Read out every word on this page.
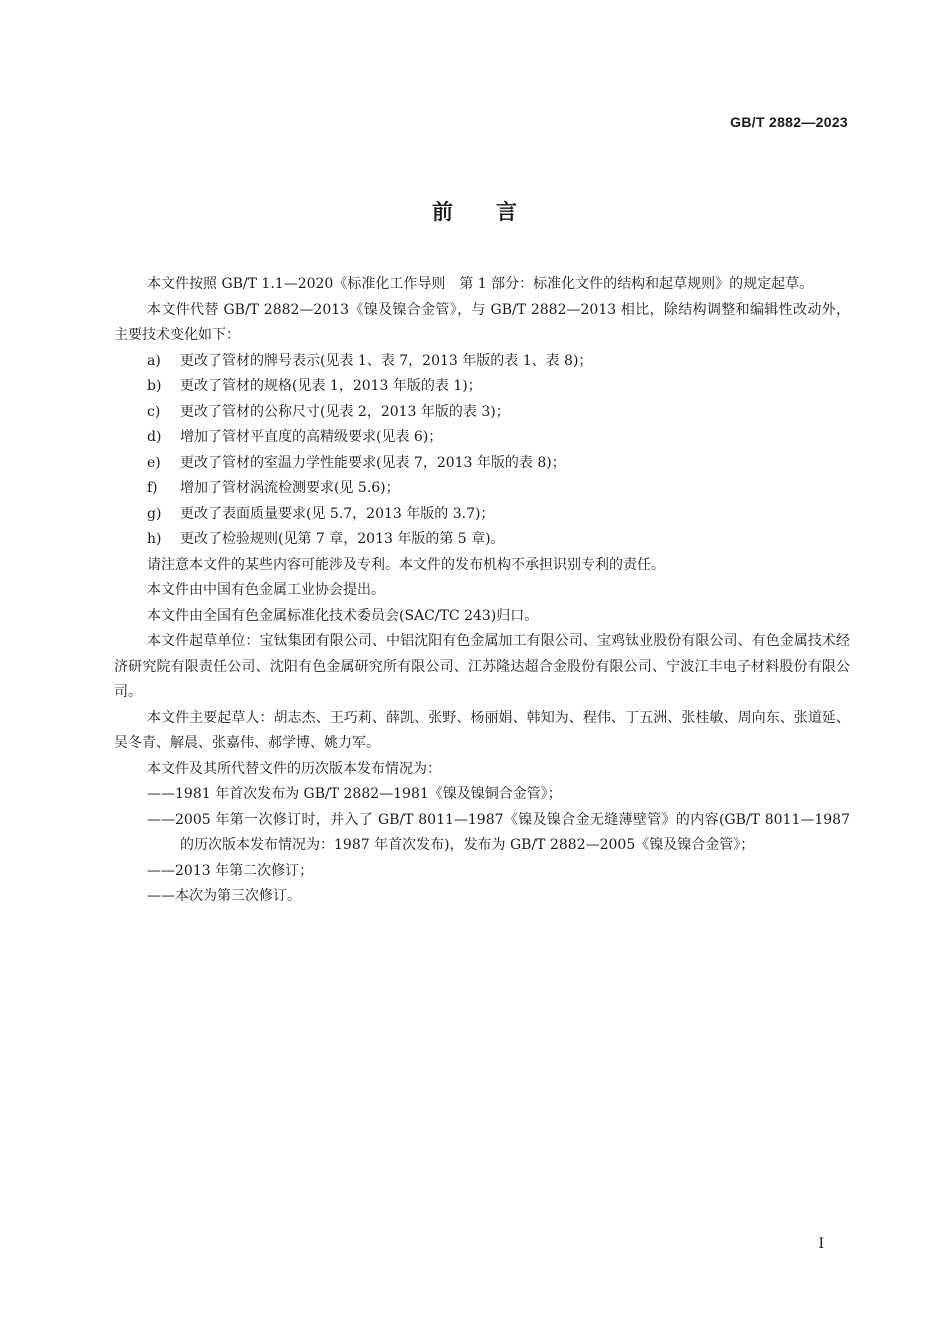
GB/T 2882—2023
前 言

本文件按照 GB/T 1.1—2020《标准化工作导则　第 1 部分：标准化文件的结构和起草规则》的规定起草。

本文件代替 GB/T 2882—2013《镍及镍合金管》，与 GB/T 2882—2013 相比，除结构调整和编辑性改动外，主要技术变化如下：

a)	更改了管材的牌号表示(见表 1、表 7，2013 年版的表 1、表 8)；
b)	更改了管材的规格(见表 1，2013 年版的表 1)；
c)	更改了管材的公称尺寸(见表 2，2013 年版的表 3)；
d)	增加了管材平直度的高精级要求(见表 6)；
e)	更改了管材的室温力学性能要求(见表 7，2013 年版的表 8)；
f)	增加了管材涡流检测要求(见 5.6)；
g)	更改了表面质量要求(见 5.7，2013 年版的 3.7)；
h)	更改了检验规则(见第 7 章，2013 年版的第 5 章)。

请注意本文件的某些内容可能涉及专利。本文件的发布机构不承担识别专利的责任。

本文件由中国有色金属工业协会提出。

本文件由全国有色金属标准化技术委员会(SAC/TC 243)归口。

本文件起草单位：宝钛集团有限公司、中铝沈阳有色金属加工有限公司、宝鸡钛业股份有限公司、有色金属技术经济研究院有限责任公司、沈阳有色金属研究所有限公司、江苏隆达超合金股份有限公司、宁波江丰电子材料股份有限公司。

本文件主要起草人：胡志杰、王巧莉、薛凯、张野、杨丽娟、韩知为、程伟、丁五洲、张桂敏、周向东、张道延、吴冬青、解晨、张嘉伟、郝学博、姚力军。

本文件及其所代替文件的历次版本发布情况为：

——1981 年首次发布为 GB/T 2882—1981《镍及镍铜合金管》；

——2005 年第一次修订时，并入了 GB/T 8011—1987《镍及镍合金无缝薄壁管》的内容(GB/T 8011—1987 的历次版本发布情况为：1987 年首次发布)，发布为 GB/T 2882—2005《镍及镍合金管》；

——2013 年第二次修订；

——本次为第三次修订。

I
